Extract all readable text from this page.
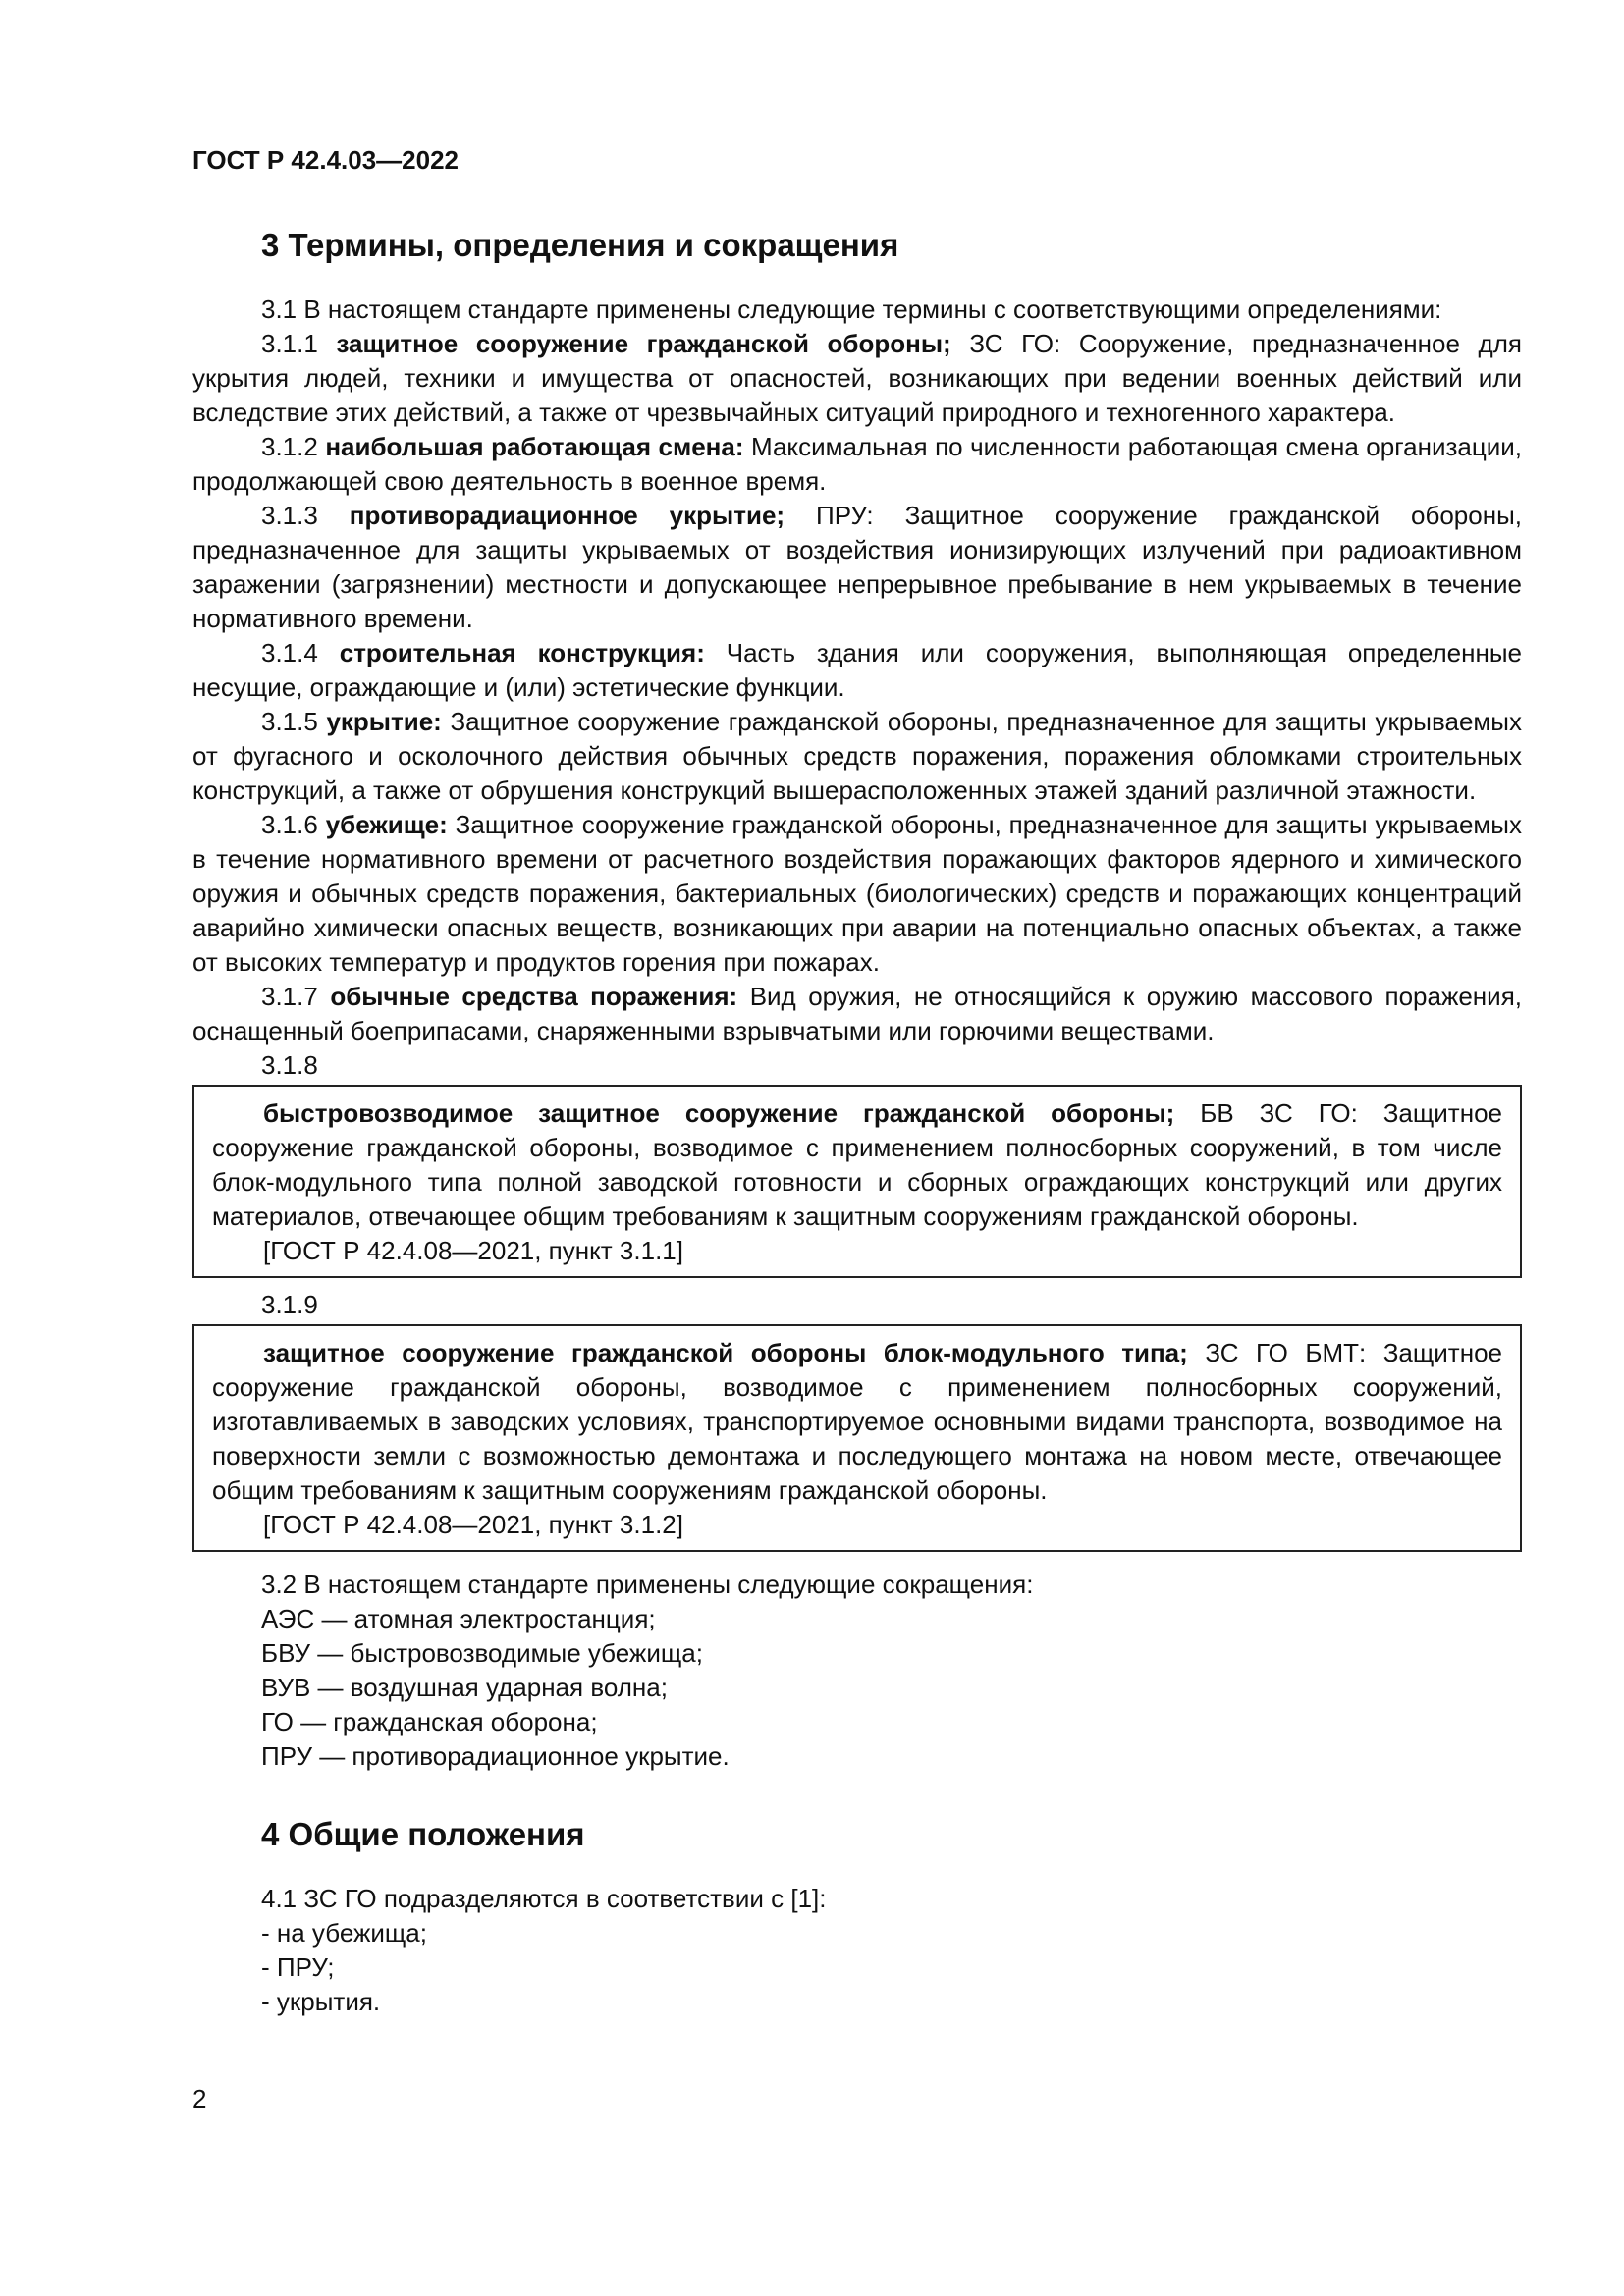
ГОСТ Р 42.4.03—2022
3 Термины, определения и сокращения

3.1 В настоящем стандарте применены следующие термины с соответствующими определениями:

3.1.1 защитное сооружение гражданской обороны; ЗС ГО: Сооружение, предназначенное для укрытия людей, техники и имущества от опасностей, возникающих при ведении военных действий или вследствие этих действий, а также от чрезвычайных ситуаций природного и техногенного характера.

3.1.2 наибольшая работающая смена: Максимальная по численности работающая смена организации, продолжающей свою деятельность в военное время.

3.1.3 противорадиационное укрытие; ПРУ: Защитное сооружение гражданской обороны, предназначенное для защиты укрываемых от воздействия ионизирующих излучений при радиоактивном заражении (загрязнении) местности и допускающее непрерывное пребывание в нем укрываемых в течение нормативного времени.

3.1.4 строительная конструкция: Часть здания или сооружения, выполняющая определенные несущие, ограждающие и (или) эстетические функции.

3.1.5 укрытие: Защитное сооружение гражданской обороны, предназначенное для защиты укрываемых от фугасного и осколочного действия обычных средств поражения, поражения обломками строительных конструкций, а также от обрушения конструкций вышерасположенных этажей зданий различной этажности.

3.1.6 убежище: Защитное сооружение гражданской обороны, предназначенное для защиты укрываемых в течение нормативного времени от расчетного воздействия поражающих факторов ядерного и химического оружия и обычных средств поражения, бактериальных (биологических) средств и поражающих концентраций аварийно химически опасных веществ, возникающих при аварии на потенциально опасных объектах, а также от высоких температур и продуктов горения при пожарах.

3.1.7 обычные средства поражения: Вид оружия, не относящийся к оружию массового поражения, оснащенный боеприпасами, снаряженными взрывчатыми или горючими веществами.

3.1.8

быстровозводимое защитное сооружение гражданской обороны; БВ ЗС ГО: Защитное сооружение гражданской обороны, возводимое с применением полносборных сооружений, в том числе блок-модульного типа полной заводской готовности и сборных ограждающих конструкций или других материалов, отвечающее общим требованиям к защитным сооружениям гражданской обороны.

[ГОСТ Р 42.4.08—2021, пункт 3.1.1]

3.1.9

защитное сооружение гражданской обороны блок-модульного типа; ЗС ГО БМТ: Защитное сооружение гражданской обороны, возводимое с применением полносборных сооружений, изготавливаемых в заводских условиях, транспортируемое основными видами транспорта, возводимое на поверхности земли с возможностью демонтажа и последующего монтажа на новом месте, отвечающее общим требованиям к защитным сооружениям гражданской обороны.

[ГОСТ Р 42.4.08—2021, пункт 3.1.2]

3.2 В настоящем стандарте применены следующие сокращения:

АЭС — атомная электростанция;

БВУ — быстровозводимые убежища;

ВУВ — воздушная ударная волна;

ГО — гражданская оборона;

ПРУ — противорадиационное укрытие.

4 Общие положения

4.1 ЗС ГО подразделяются в соответствии с [1]:

- на убежища;

- ПРУ;

- укрытия.

2
